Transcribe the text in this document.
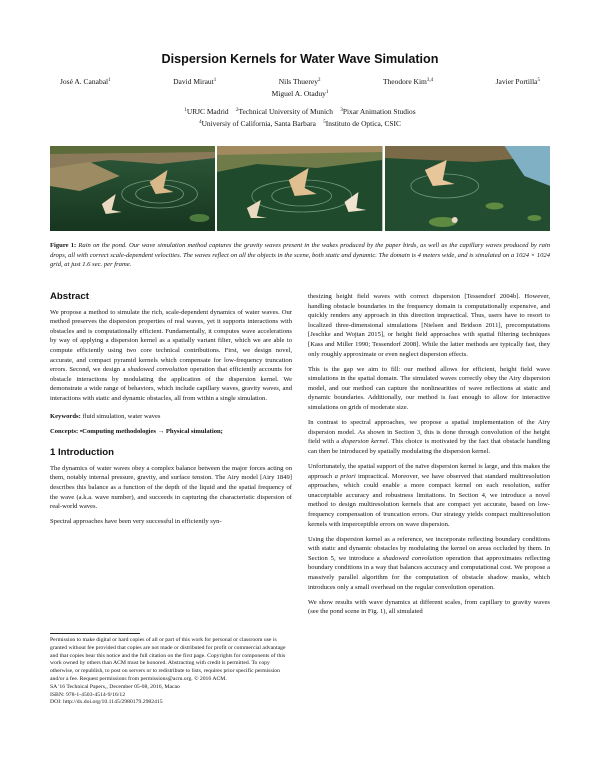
Dispersion Kernels for Water Wave Simulation
José A. Canabal$^1$	David Miraut$^1$	Nils Thuerey$^2$	Theodore Kim$^{3,4}$	Javier Portilla$^5$
Miguel A. Otaduy$^1$
$^1$URJC Madrid $^2$Technical University of Munich $^3$Pixar Animation Studios
$^4$Universiy of California, Santa Barbara $^5$Instituto de Optica, CSIC
Figure 1: Rain on the pond. Our wave simulation method captures the gravity waves present in the wakes produced by the paper birds, as well as the capillary waves produced by rain drops, all with correct scale-dependent velocities. The waves reflect on all the objects in the scene, both static and dynamic. The domain is 4 meters wide, and is simulated on a 1024 × 1024 grid, at just 1.6 sec. per frame.
Abstract

We propose a method to simulate the rich, scale-dependent dynamics of water waves. Our method preserves the dispersion properties of real waves, yet it supports interactions with obstacles and is computationally efficient. Fundamentally, it computes wave accelerations by way of applying a dispersion kernel as a spatially variant filter, which we are able to compute efficiently using two core technical contributions. First, we design novel, accurate, and compact pyramid kernels which compensate for low-frequency truncation errors. Second, we design a shadowed convolution operation that efficiently accounts for obstacle interactions by modulating the application of the dispersion kernel. We demonstrate a wide range of behaviors, which include capillary waves, gravity waves, and interactions with static and dynamic obstacles, all from within a single simulation.

Keywords: fluid simulation, water waves

Concepts: •Computing methodologies → Physical simulation;

1 Introduction

The dynamics of water waves obey a complex balance between the major forces acting on them, notably internal pressure, gravity, and surface tension. The Airy model [Airy 1849] describes this balance as a function of the depth of the liquid and the spatial frequency of the wave (a.k.a. wave number), and succeeds in capturing the characteristic dispersion of real-world waves.

Spectral approaches have been very successful in efficiently syn-

Permission to make digital or hard copies of all or part of this work for personal or classroom use is granted without fee provided that copies are not made or distributed for profit or commercial advantage and that copies bear this notice and the full citation on the first page. Copyrights for components of this work owned by others than ACM must be honored. Abstracting with credit is permitted. To copy otherwise, or republish, to post on servers or to redistribute to lists, requires prior specific permission and/or a fee. Request permissions from permissions@acm.org. © 2016 ACM.
SA '16 Technical Papers,, December 05-08, 2016, Macao
ISBN: 978-1-4503-4514-9/16/12
DOI: http://dx.doi.org/10.1145/2980179.2982415

thesizing height field waves with correct dispersion [Tessendorf 2004b]. However, handling obstacle boundaries in the frequency domain is computationally expensive, and quickly renders any approach in this direction impractical. Thus, users have to resort to localized three-dimensional simulations [Nielsen and Bridson 2011], precomputations [Jeschke and Wojtan 2015], or height field approaches with spatial filtering techniques [Kass and Miller 1990; Tessendorf 2008]. While the latter methods are typically fast, they only roughly approximate or even neglect dispersion effects.

This is the gap we aim to fill: our method allows for efficient, height field wave simulations in the spatial domain. The simulated waves correctly obey the Airy dispersion model, and our method can capture the nonlinearities of wave reflections at static and dynamic boundaries. Additionally, our method is fast enough to allow for interactive simulations on grids of moderate size.

In contrast to spectral approaches, we propose a spatial implementation of the Airy dispersion model. As shown in Section 3, this is done through convolution of the height field with a dispersion kernel. This choice is motivated by the fact that obstacle handling can then be introduced by spatially modulating the dispersion kernel.

Unfortunately, the spatial support of the naïve dispersion kernel is large, and this makes the approach a priori impractical. Moreover, we have observed that standard multiresolution approaches, which could enable a more compact kernel on each resolution, suffer unacceptable accuracy and robustness limitations. In Section 4, we introduce a novel method to design multiresolution kernels that are compact yet accurate, based on low-frequency compensation of truncation errors. Our strategy yields compact multiresolution kernels with imperceptible errors on wave dispersion.

Using the dispersion kernel as a reference, we incorporate reflecting boundary conditions with static and dynamic obstacles by modulating the kernel on areas occluded by them. In Section 5, we introduce a shadowed convolution operation that approximates reflecting boundary conditions in a way that balances accuracy and computational cost. We propose a massively parallel algorithm for the computation of obstacle shadow masks, which introduces only a small overhead on the regular convolution operation.

We show results with wave dynamics at different scales, from capillary to gravity waves (see the pond scene in Fig. 1), all simulated
